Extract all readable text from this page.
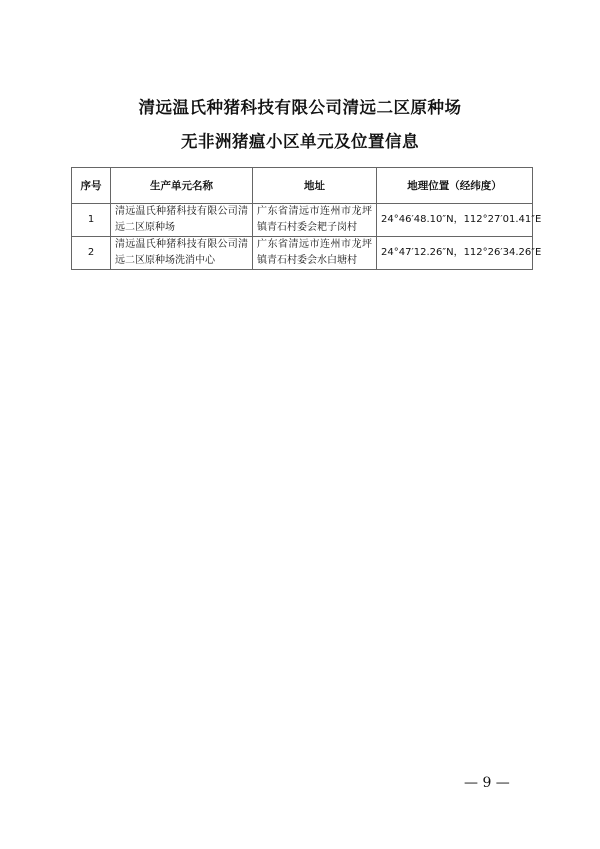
清远温氏种猪科技有限公司清远二区原种场
无非洲猪瘟小区单元及位置信息
序号	生产单元名称	地址	地理位置（经纬度）
1	清远温氏种猪科技有限公司清远二区原种场	广东省清远市连州市龙坪镇青石村委会耙子岗村	24°46′48.10″N，112°27′01.41″E
2	清远温氏种猪科技有限公司清远二区原种场洗消中心	广东省清远市连州市龙坪镇青石村委会水白塘村	24°47′12.26″N，112°26′34.26″E
— 9 —
